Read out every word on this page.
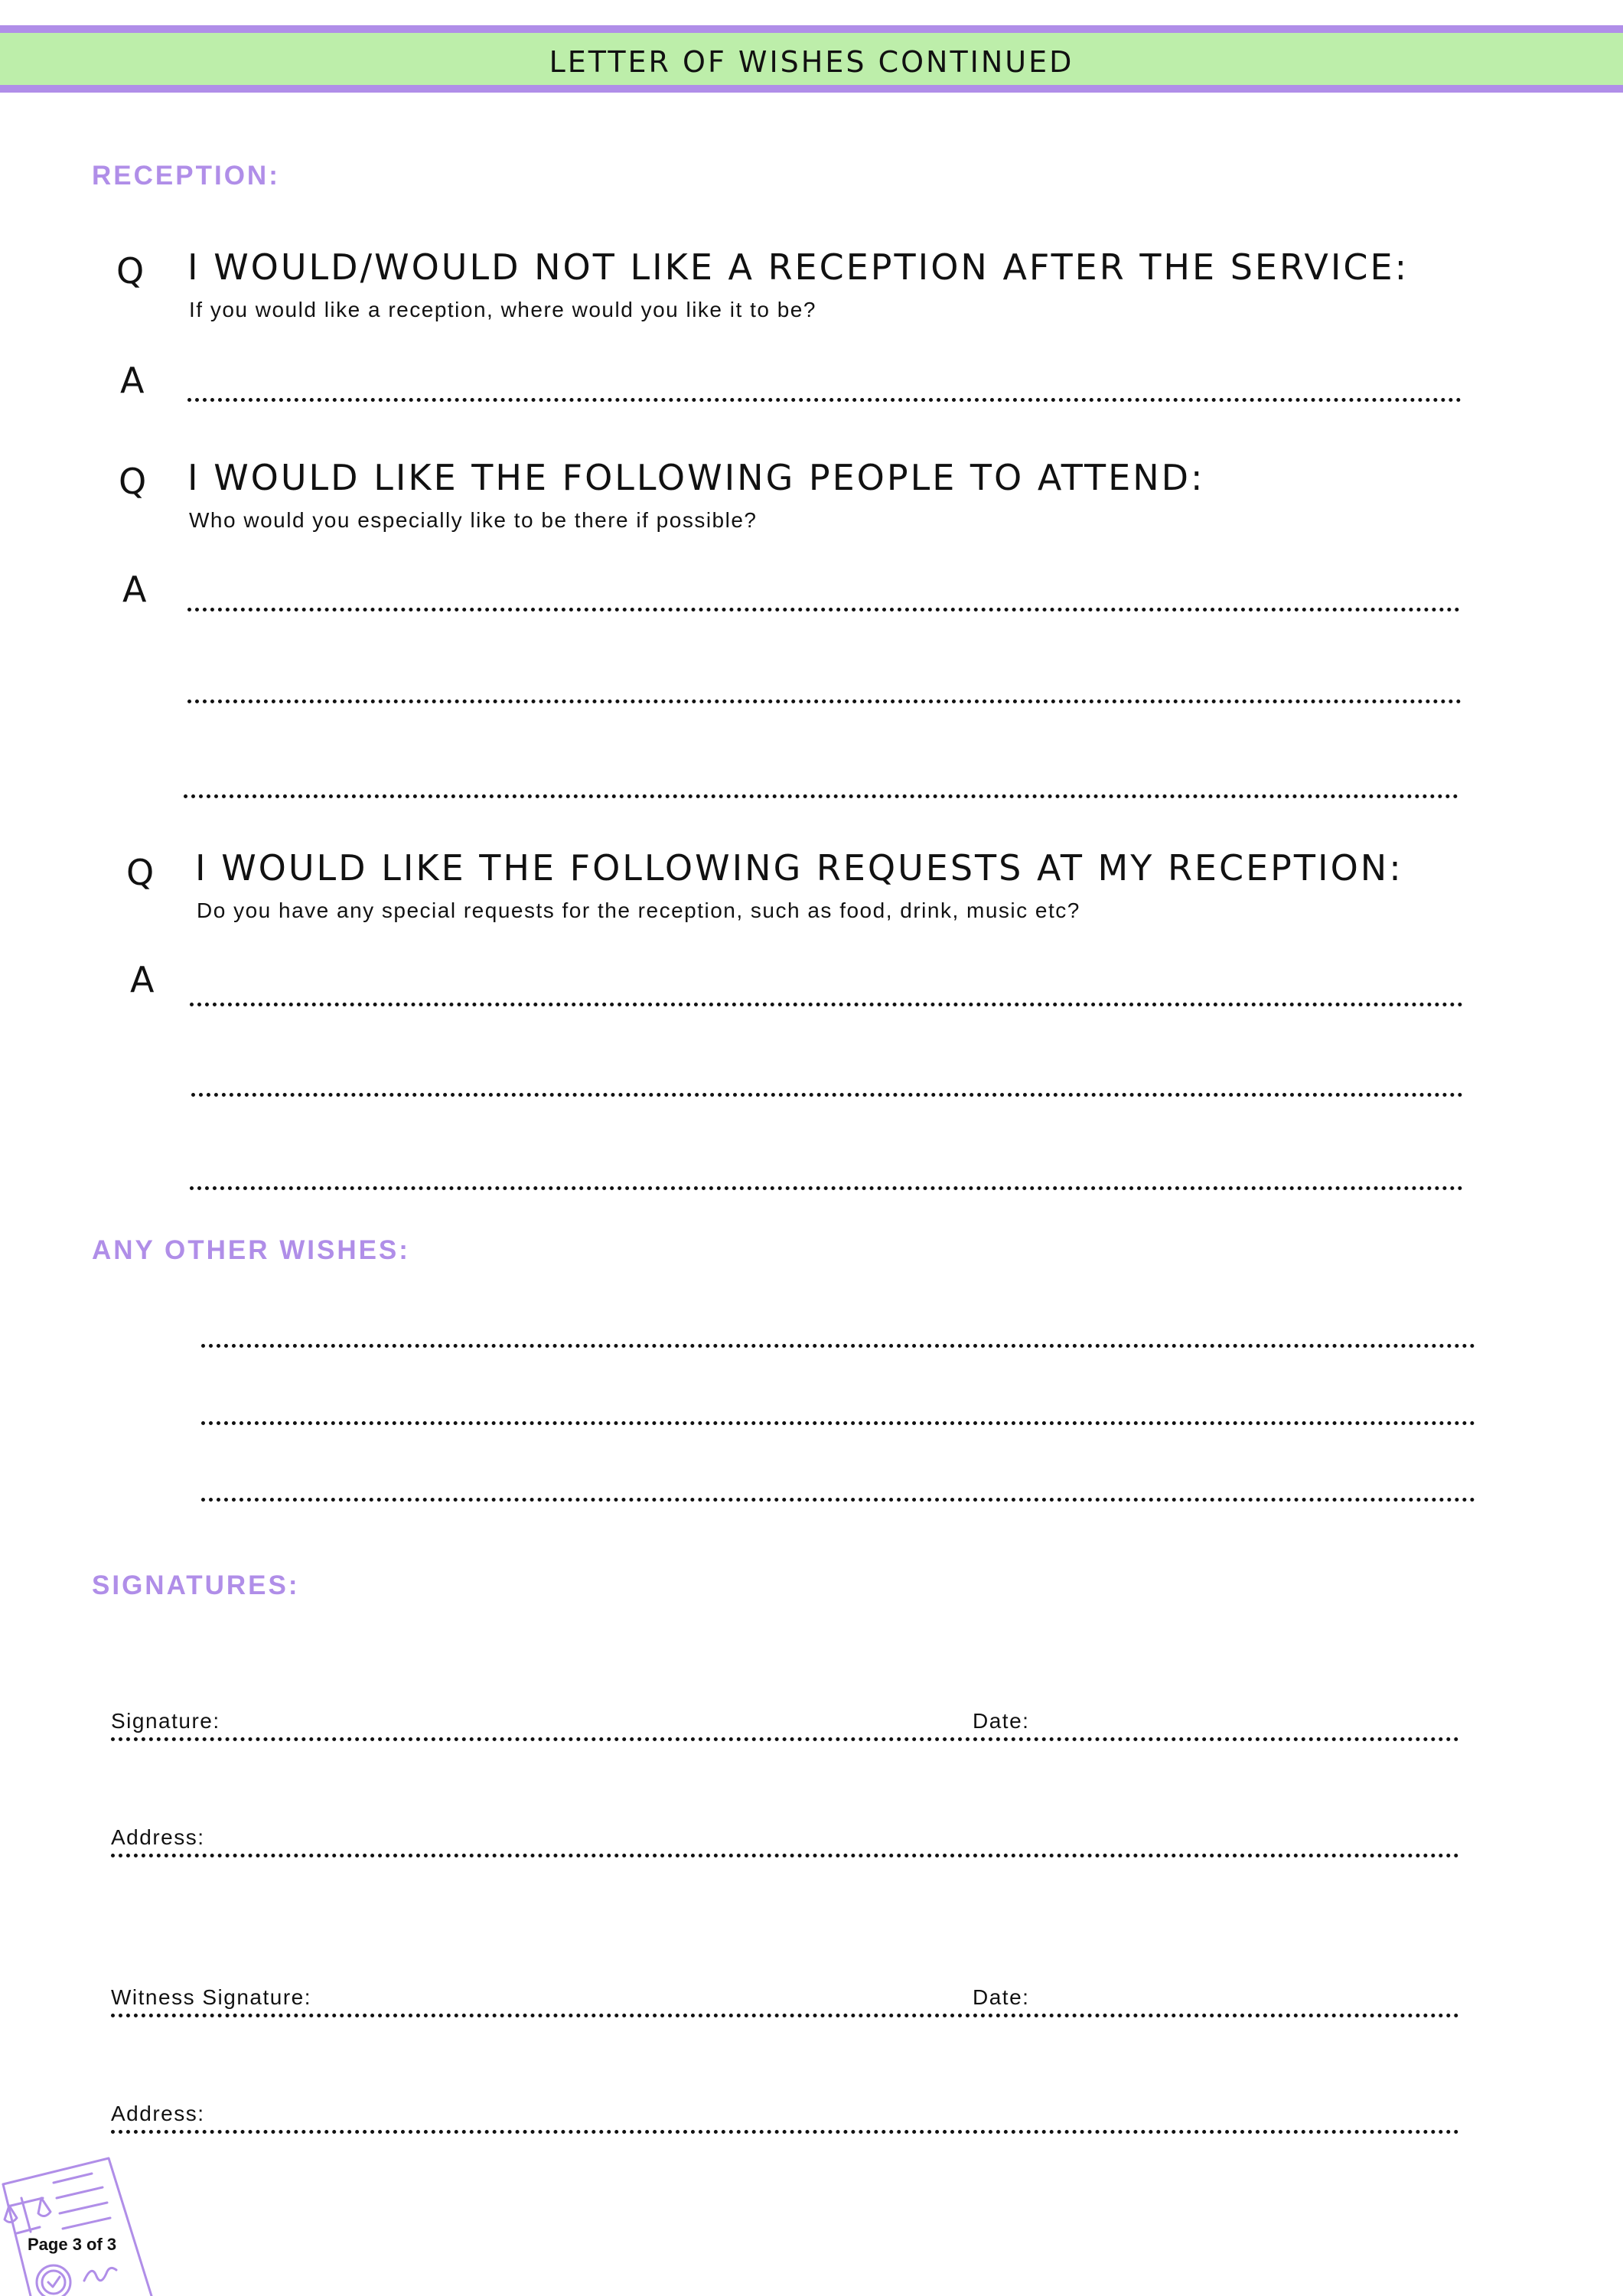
LETTER OF WISHES CONTINUED
RECEPTION:
Q I WOULD/WOULD NOT LIKE A RECEPTION AFTER THE SERVICE:
If you would like a reception, where would you like it to be?
A
Q I WOULD LIKE THE FOLLOWING PEOPLE TO ATTEND:
Who would you especially like to be there if possible?
A
Q I WOULD LIKE THE FOLLOWING REQUESTS AT MY RECEPTION:
Do you have any special requests for the reception, such as food, drink, music etc?
A
ANY OTHER WISHES:
SIGNATURES:
Signature:	Date:
Address:
Witness Signature:	Date:
Address:
Page 3 of 3
